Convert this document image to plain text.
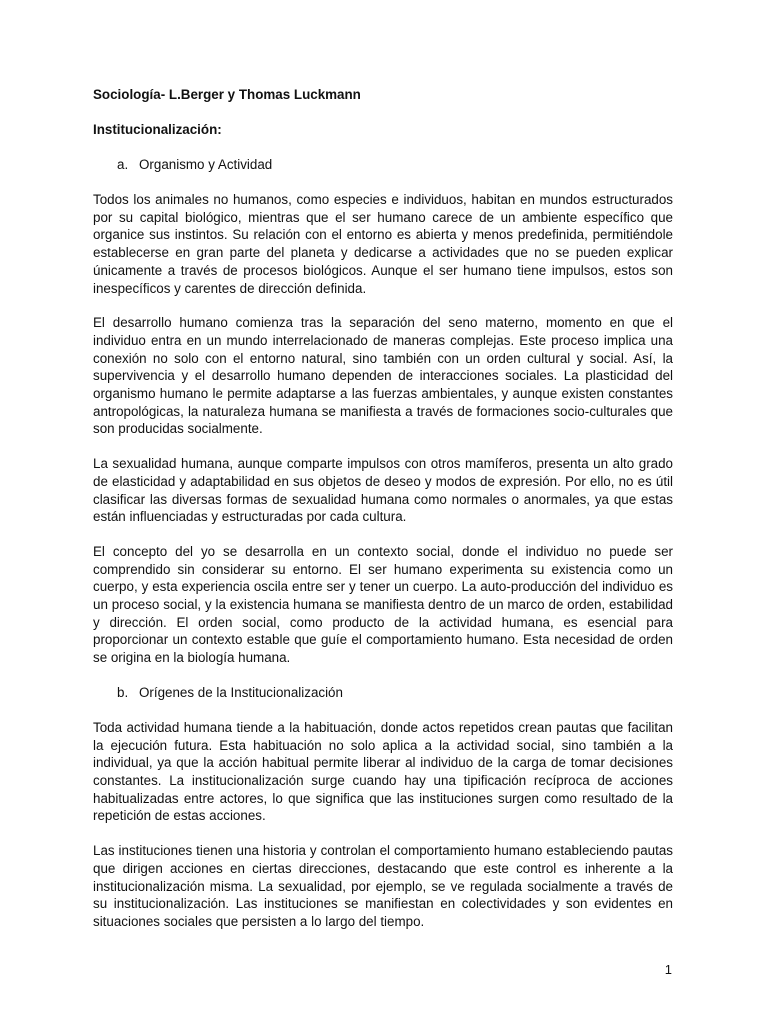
Sociología- L.Berger y Thomas Luckmann
Institucionalización:
a. Organismo y Actividad

Todos los animales no humanos, como especies e individuos, habitan en mundos estructurados por su capital biológico, mientras que el ser humano carece de un ambiente específico que organice sus instintos. Su relación con el entorno es abierta y menos predefinida, permitiéndole establecerse en gran parte del planeta y dedicarse a actividades que no se pueden explicar únicamente a través de procesos biológicos. Aunque el ser humano tiene impulsos, estos son inespecíficos y carentes de dirección definida.

El desarrollo humano comienza tras la separación del seno materno, momento en que el individuo entra en un mundo interrelacionado de maneras complejas. Este proceso implica una conexión no solo con el entorno natural, sino también con un orden cultural y social. Así, la supervivencia y el desarrollo humano dependen de interacciones sociales. La plasticidad del organismo humano le permite adaptarse a las fuerzas ambientales, y aunque existen constantes antropológicas, la naturaleza humana se manifiesta a través de formaciones socio-culturales que son producidas socialmente.

La sexualidad humana, aunque comparte impulsos con otros mamíferos, presenta un alto grado de elasticidad y adaptabilidad en sus objetos de deseo y modos de expresión. Por ello, no es útil clasificar las diversas formas de sexualidad humana como normales o anormales, ya que estas están influenciadas y estructuradas por cada cultura.

El concepto del yo se desarrolla en un contexto social, donde el individuo no puede ser comprendido sin considerar su entorno. El ser humano experimenta su existencia como un cuerpo, y esta experiencia oscila entre ser y tener un cuerpo. La auto-producción del individuo es un proceso social, y la existencia humana se manifiesta dentro de un marco de orden, estabilidad y dirección. El orden social, como producto de la actividad humana, es esencial para proporcionar un contexto estable que guíe el comportamiento humano. Esta necesidad de orden se origina en la biología humana.

b. Orígenes de la Institucionalización

Toda actividad humana tiende a la habituación, donde actos repetidos crean pautas que facilitan la ejecución futura. Esta habituación no solo aplica a la actividad social, sino también a la individual, ya que la acción habitual permite liberar al individuo de la carga de tomar decisiones constantes. La institucionalización surge cuando hay una tipificación recíproca de acciones habitualizadas entre actores, lo que significa que las instituciones surgen como resultado de la repetición de estas acciones.

Las instituciones tienen una historia y controlan el comportamiento humano estableciendo pautas que dirigen acciones en ciertas direcciones, destacando que este control es inherente a la institucionalización misma. La sexualidad, por ejemplo, se ve regulada socialmente a través de su institucionalización. Las instituciones se manifiestan en colectividades y son evidentes en situaciones sociales que persisten a lo largo del tiempo.

1
